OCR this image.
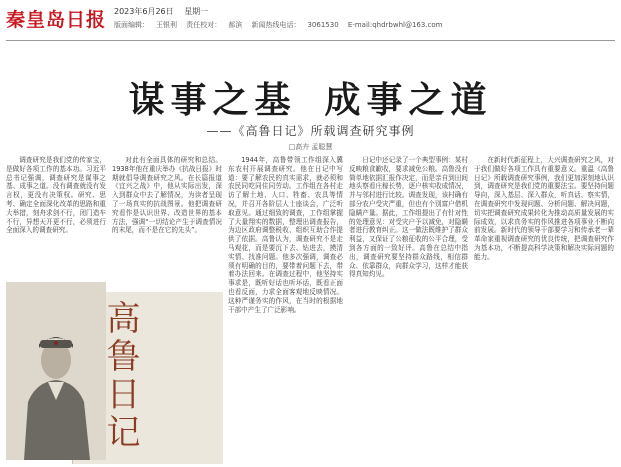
秦皇岛日报 2023年6月26日 星期一
版面编辑： 王银利 责任校对： 郝滨 新闻热线电话： 3061530 E-mail:qhdrbwhl@163.com
谋事之基 成事之道
——《高鲁日记》所载调查研究事例
□高卉 孟聪慧

调查研究是我们党的传家宝，是做好各项工作的基本功。习近平总书记强调，调查研究是谋事之基、成事之道。没有调查就没有发言权，更没有决策权。研究、思考、确定全面深化改革的思路和重大举措，刻舟求剑不行，闭门造车不行，异想天开更不行，必须进行全面深入的调查研究。

对此有全面具体的研究和总结。1938年他在重庆举办《抗战日报》时期就倡导调查研究之风。在长篇报道《宜兴之战》中，他从实际出发，深入到群众中去了解情况，为读者呈现了一场真实的抗战图景。他把调查研究看作是认识世界、改造世界的基本方法，强调“一切结论产生于调查情况的末尾，而不是在它的先头”。

1944年，高鲁带领工作组深入冀东农村开展调查研究。他在日记中写道：要了解农民的真实需求，就必须和农民同吃同住同劳动。工作组在各村走访了解土地、人口、牲畜、农具等情况，并召开各阶层人士座谈会，广泛听取意见。通过细致的调查，工作组掌握了大量翔实的数据，整理出调查报告，为边区政府调整税收、组织互助合作提供了依据。高鲁认为，调查研究不是走马观花，而是要沉下去、钻进去，摸清实情、找准问题。他多次强调，调查必须有明确的目的，要带着问题下去，带着办法回来。在调查过程中，他坚持实事求是，既听好话也听坏话，既看正面也看反面，力求全面客观地反映情况。这种严谨务实的作风，在当时的根据地干部中产生了广泛影响。

日记中还记录了一个典型事例：某村反映粮食歉收，要求减免公粮。高鲁没有简单地依据汇报作决定，而是亲自到田间地头察看庄稼长势，逐户核实收成情况，并与邻村进行比较。调查发现，该村确有部分农户受灾严重，但也有个别富户借机隐瞒产量。据此，工作组提出了有针对性的处理意见：对受灾户予以减免，对隐瞒者进行教育纠正。这一做法既维护了群众利益，又保证了公粮征收的公平合理，受到各方面的一致好评。高鲁在总结中指出，调查研究要坚持群众路线，相信群众、依靠群众，向群众学习，这样才能获得真知灼见。

在新时代新征程上，大兴调查研究之风，对于我们做好各项工作具有重要意义。重温《高鲁日记》所载调查研究事例，我们更加深刻地认识到，调查研究是我们党的重要法宝。要坚持问题导向，深入基层、深入群众，听真话、察实情，在调查研究中发现问题、分析问题、解决问题，切实把调查研究成果转化为推动高质量发展的实际成效，以求真务实的作风推进各项事业不断向前发展。新时代的领导干部要学习和传承老一辈革命家重视调查研究的优良传统，把调查研究作为基本功，不断提高科学决策和解决实际问题的能力。

高鲁日记
